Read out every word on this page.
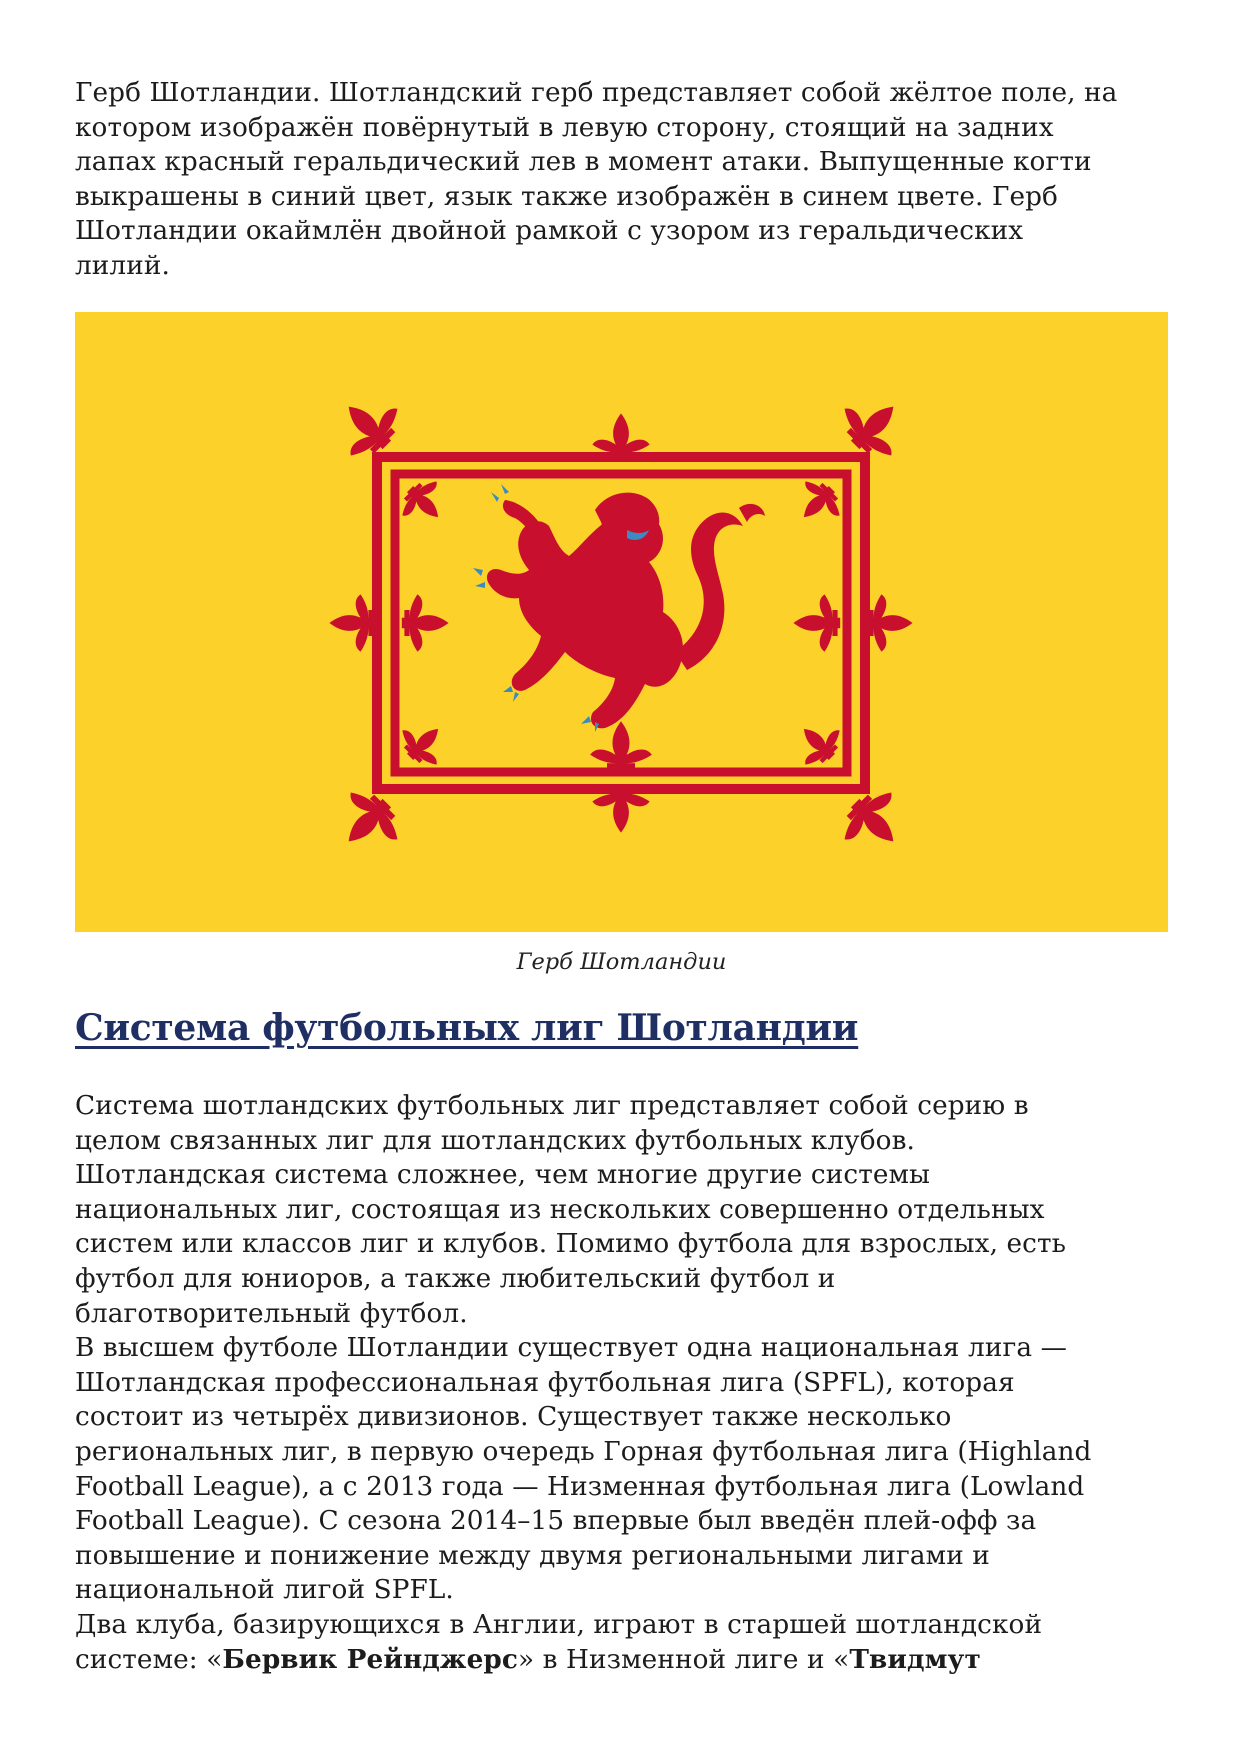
Герб Шотландии. Шотландский герб представляет собой жёлтое поле, на
котором изображён повёрнутый в левую сторону, стоящий на задних
лапах красный геральдический лев в момент атаки. Выпущенные когти
выкрашены в синий цвет, язык также изображён в синем цвете. Герб
Шотландии окаймлён двойной рамкой с узором из геральдических
лилий.

Герб Шотландии
Система футбольных лиг Шотландии

Система шотландских футбольных лиг представляет собой серию в
целом связанных лиг для шотландских футбольных клубов.
Шотландская система сложнее, чем многие другие системы
национальных лиг, состоящая из нескольких совершенно отдельных
систем или классов лиг и клубов. Помимо футбола для взрослых, есть
футбол для юниоров, а также любительский футбол и
благотворительный футбол.

В высшем футболе Шотландии существует одна национальная лига —
Шотландская профессиональная футбольная лига (SPFL), которая
состоит из четырёх дивизионов. Существует также несколько
региональных лиг, в первую очередь Горная футбольная лига (Highland
Football League), а с 2013 года — Низменная футбольная лига (Lowland
Football League). С сезона 2014–15 впервые был введён плей-офф за
повышение и понижение между двумя региональными лигами и
национальной лигой SPFL.

Два клуба, базирующихся в Англии, играют в старшей шотландской
системе: «Бервик Рейнджерс» в Низменной лиге и «Твидмут
